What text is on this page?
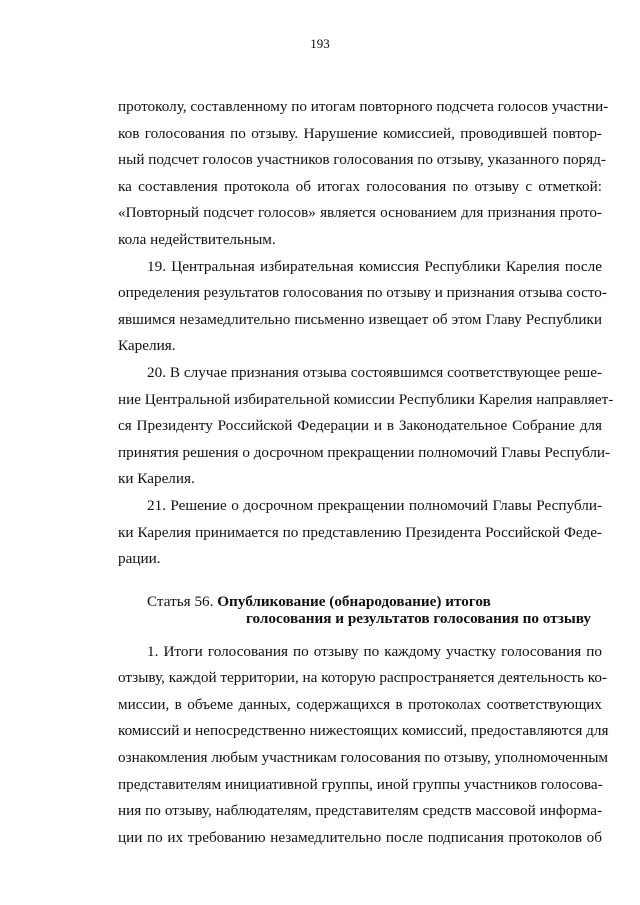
193
протоколу, составленному по итогам повторного подсчета голосов участни-
ков голосования по отзыву. Нарушение комиссией, проводившей повтор-
ный подсчет голосов участников голосования по отзыву, указанного поряд-
ка составления протокола об итогах голосования по отзыву с отметкой:
«Повторный подсчет голосов» является основанием для признания прото-
кола недействительным.
19. Центральная избирательная комиссия Республики Карелия после
определения результатов голосования по отзыву и признания отзыва состо-
явшимся незамедлительно письменно извещает об этом Главу Республики
Карелия.
20. В случае признания отзыва состоявшимся соответствующее реше-
ние Центральной избирательной комиссии Республики Карелия направляет-
ся Президенту Российской Федерации и в Законодательное Собрание для
принятия решения о досрочном прекращении полномочий Главы Республи-
ки Карелия.
21. Решение о досрочном прекращении полномочий Главы Республи-
ки Карелия принимается по представлению Президента Российской Феде-
рации.
Статья 56. Опубликование (обнародование) итогов
голосования и результатов голосования по отзыву
1. Итоги голосования по отзыву по каждому участку голосования по
отзыву, каждой территории, на которую распространяется деятельность ко-
миссии, в объеме данных, содержащихся в протоколах соответствующих
комиссий и непосредственно нижестоящих комиссий, предоставляются для
ознакомления любым участникам голосования по отзыву, уполномоченным
представителям инициативной группы, иной группы участников голосова-
ния по отзыву, наблюдателям, представителям средств массовой информа-
ции по их требованию незамедлительно после подписания протоколов об
